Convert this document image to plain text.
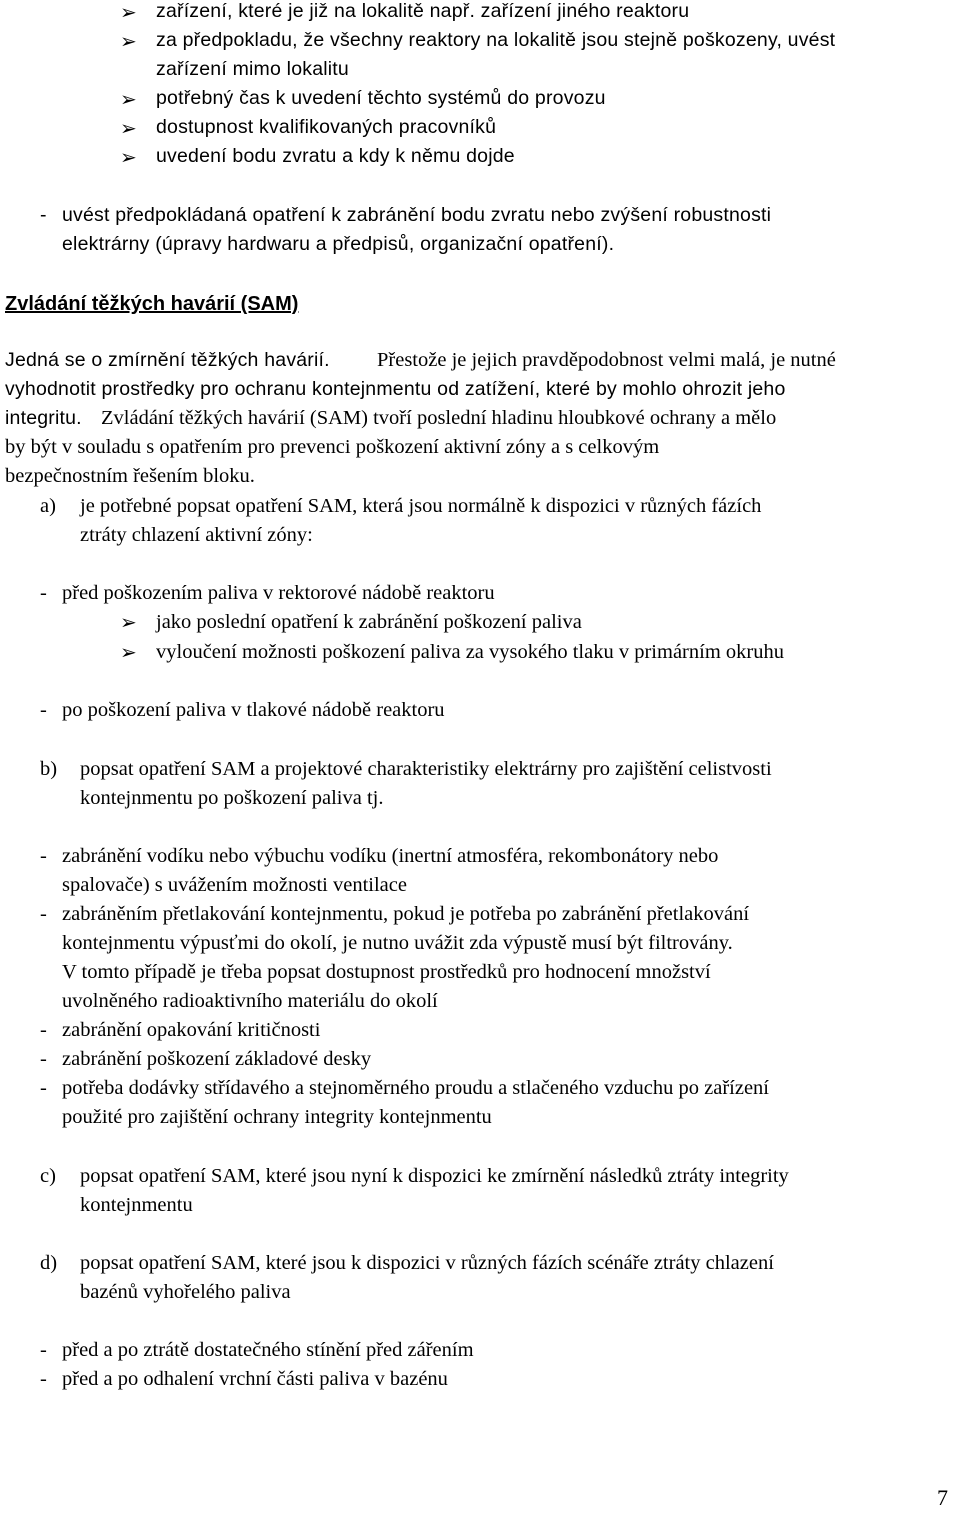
➢ zařízení, které je již na lokalitě např. zařízení jiného reaktoru
➢ za předpokladu, že všechny reaktory na lokalitě jsou stejně poškozeny, uvést
zařízení mimo lokalitu
➢ potřebný čas k uvedení těchto systémů do provozu
➢ dostupnost kvalifikovaných pracovníků
➢ uvedení bodu zvratu a kdy k němu dojde
- uvést předpokládaná opatření k zabránění bodu zvratu nebo zvýšení robustnosti
elektrárny (úpravy hardwaru a předpisů, organizační opatření).
Zvládání těžkých havárií (SAM)
Jedná se o zmírnění těžkých havárií. Přestože je jejich pravděpodobnost velmi malá, je nutné
vyhodnotit prostředky pro ochranu kontejnmentu od zatížení, které by mohlo ohrozit jeho
integritu. Zvládání těžkých havárií (SAM) tvoří poslední hladinu hloubkové ochrany a mělo
by být v souladu s opatřením pro prevenci poškození aktivní zóny a s celkovým
bezpečnostním řešením bloku.
a) je potřebné popsat opatření SAM, která jsou normálně k dispozici v různých fázích
ztráty chlazení aktivní zóny:
- před poškozením paliva v rektorové nádobě reaktoru
➢ jako poslední opatření k zabránění poškození paliva
➢ vyloučení možnosti poškození paliva za vysokého tlaku v primárním okruhu
- po poškození paliva v tlakové nádobě reaktoru
b) popsat opatření SAM a projektové charakteristiky elektrárny pro zajištění celistvosti
kontejnmentu po poškození paliva tj.
- zabránění vodíku nebo výbuchu vodíku (inertní atmosféra, rekombonátory nebo
spalovače) s uvážením možnosti ventilace
- zabráněním přetlakování kontejnmentu, pokud je potřeba po zabránění přetlakování
kontejnmentu výpusťmi do okolí, je nutno uvážit zda výpustě musí být filtrovány.
V tomto případě je třeba popsat dostupnost prostředků pro hodnocení množství
uvolněného radioaktivního materiálu do okolí
- zabránění opakování kritičnosti
- zabránění poškození základové desky
- potřeba dodávky střídavého a stejnoměrného proudu a stlačeného vzduchu po zařízení
použité pro zajištění ochrany integrity kontejnmentu
c) popsat opatření SAM, které jsou nyní k dispozici ke zmírnění následků ztráty integrity
kontejnmentu
d) popsat opatření SAM, které jsou k dispozici v různých fázích scénáře ztráty chlazení
bazénů vyhořelého paliva
- před a po ztrátě dostatečného stínění před zářením
- před a po odhalení vrchní části paliva v bazénu
7
